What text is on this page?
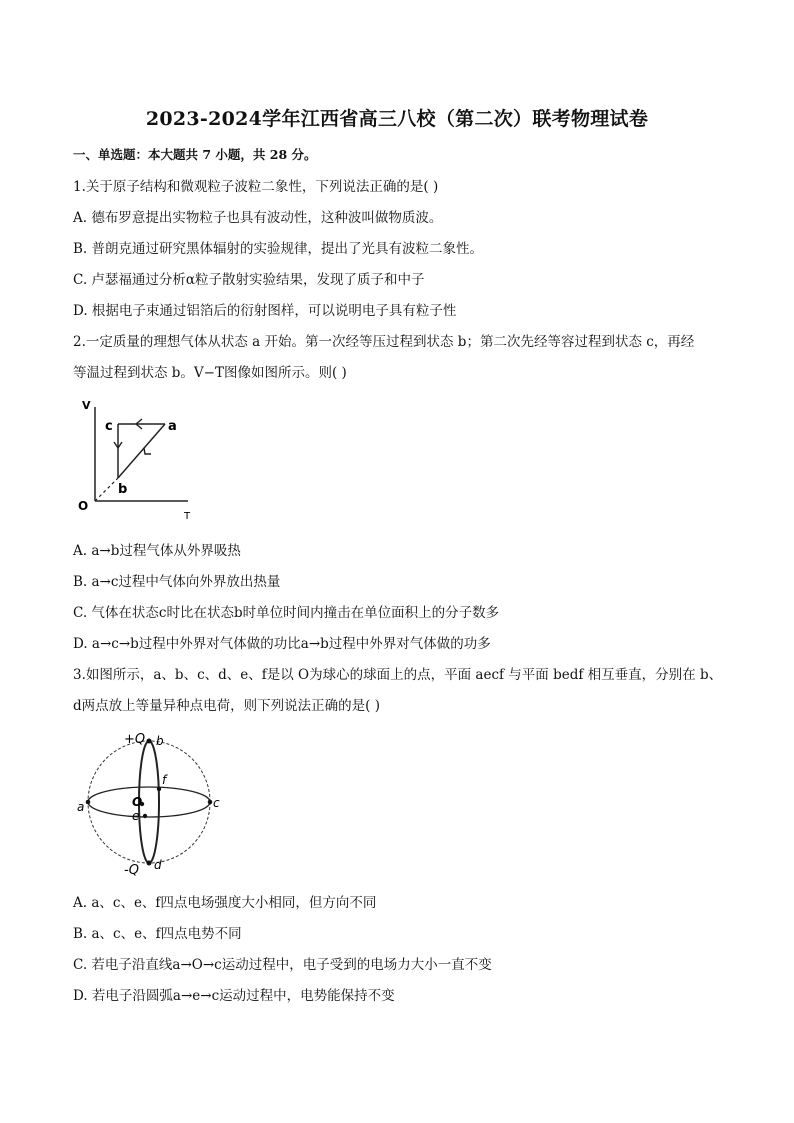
2023-2024学年江西省高三八校（第二次）联考物理试卷
一、单选题：本大题共 7 小题，共 28 分。
1.关于原子结构和微观粒子波粒二象性，下列说法正确的是( )
A. 德布罗意提出实物粒子也具有波动性，这种波叫做物质波。
B. 普朗克通过研究黑体辐射的实验规律，提出了光具有波粒二象性。
C. 卢瑟福通过分析α粒子散射实验结果，发现了质子和中子
D. 根据电子束通过铝箔后的衍射图样，可以说明电子具有粒子性
2.一定质量的理想气体从状态 a 开始。第一次经等压过程到状态 b；第二次先经等容过程到状态 c，再经
等温过程到状态 b。V−T图像如图所示。则( )
V
T
O
c	a
b
A. a→b过程气体从外界吸热
B. a→c过程中气体向外界放出热量
C. 气体在状态c时比在状态b时单位时间内撞击在单位面积上的分子数多
D. a→c→b过程中外界对气体做的功比a→b过程中外界对气体做的功多
3.如图所示，a、b、c、d、e、f是以 O为球心的球面上的点，平面 aecf 与平面 bedf 相互垂直，分别在 b、
d两点放上等量异种点电荷，则下列说法正确的是( )
+Q b
a	c
f
O
e
-Q d
A. a、c、e、f四点电场强度大小相同，但方向不同
B. a、c、e、f四点电势不同
C. 若电子沿直线a→O→c运动过程中，电子受到的电场力大小一直不变
D. 若电子沿圆弧a→e→c运动过程中，电势能保持不变
